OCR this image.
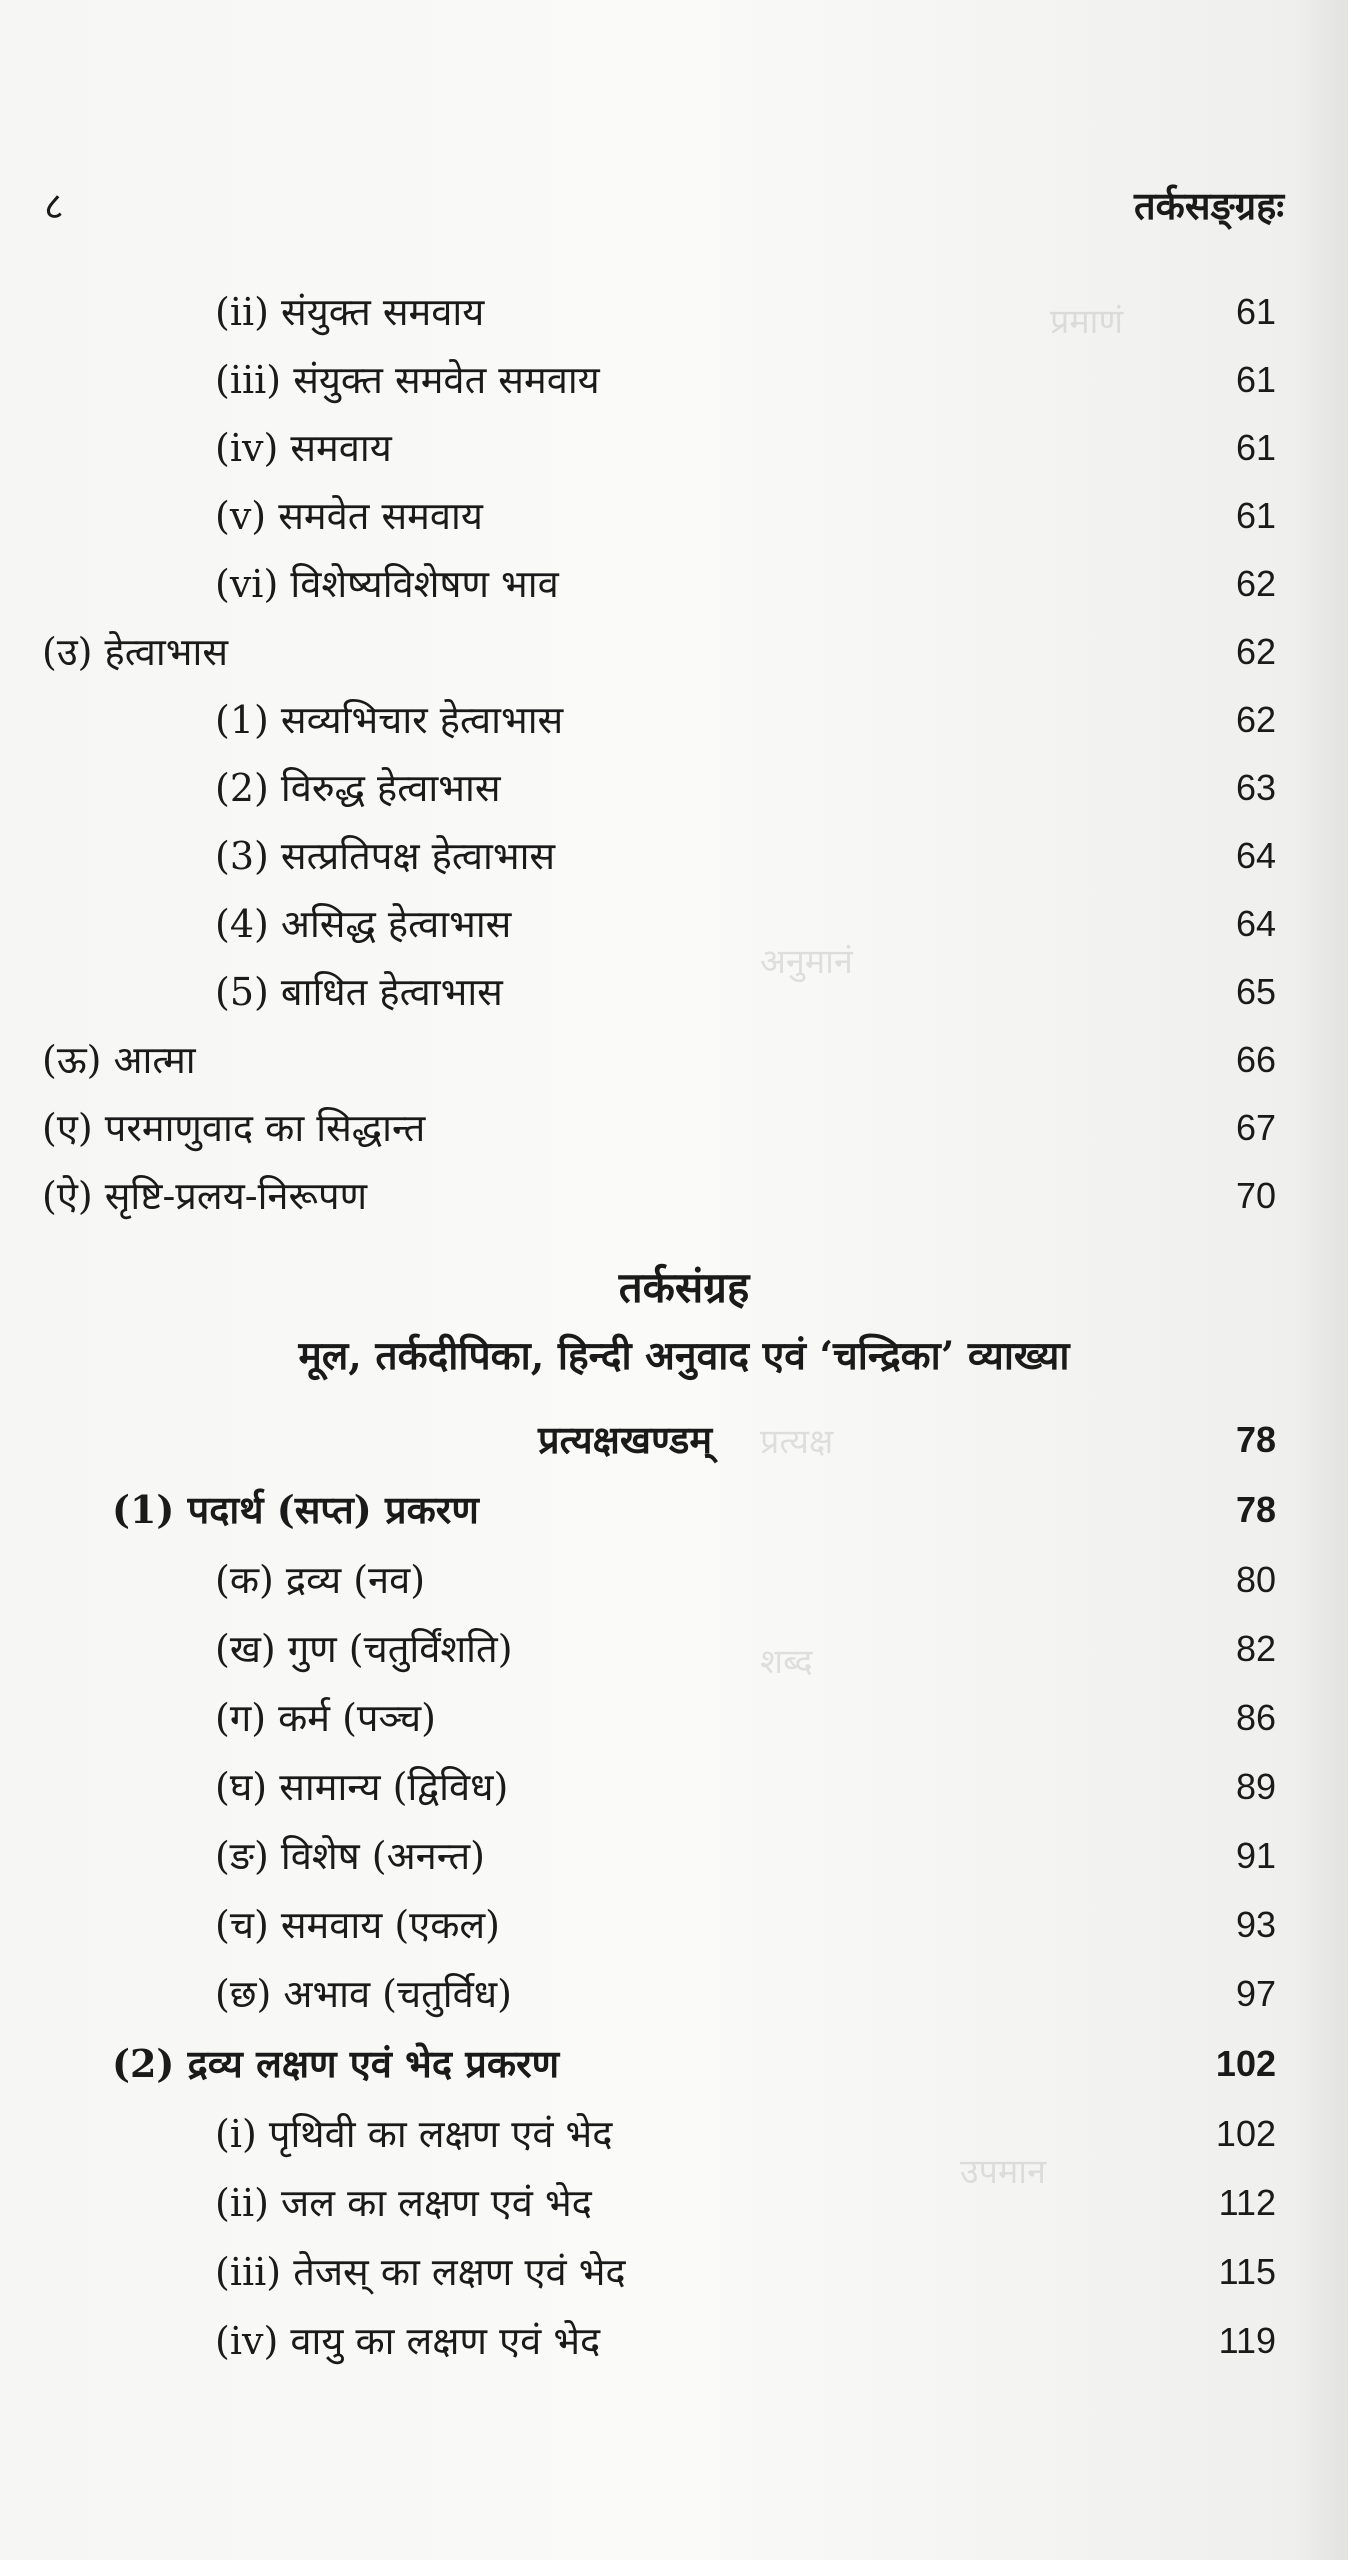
प्रमाणं
अनुमानं
प्रत्यक्ष
शब्द
उपमान
८	तर्कसङ्ग्रहः
(ii) संयुक्त समवाय	61
(iii) संयुक्त समवेत समवाय	61
(iv) समवाय	61
(v) समवेत समवाय	61
(vi) विशेष्यविशेषण भाव	62
(उ) हेत्वाभास	62
(1) सव्यभिचार हेत्वाभास	62
(2) विरुद्ध हेत्वाभास	63
(3) सत्प्रतिपक्ष हेत्वाभास	64
(4) असिद्ध हेत्वाभास	64
(5) बाधित हेत्वाभास	65
(ऊ) आत्मा	66
(ए) परमाणुवाद का सिद्धान्त	67
(ऐ) सृष्टि-प्रलय-निरूपण	70
तर्कसंग्रह
मूल, तर्कदीपिका, हिन्दी अनुवाद एवं ‘चन्द्रिका’ व्याख्या
प्रत्यक्षखण्डम्	78
(1) पदार्थ (सप्त) प्रकरण	78
(क) द्रव्य (नव)	80
(ख) गुण (चतुर्विंशति)	82
(ग) कर्म (पञ्च)	86
(घ) सामान्य (द्विविध)	89
(ङ) विशेष (अनन्त)	91
(च) समवाय (एकल)	93
(छ) अभाव (चतुर्विध)	97
(2) द्रव्य लक्षण एवं भेद प्रकरण	102
(i) पृथिवी का लक्षण एवं भेद	102
(ii) जल का लक्षण एवं भेद	112
(iii) तेजस् का लक्षण एवं भेद	115
(iv) वायु का लक्षण एवं भेद	119
